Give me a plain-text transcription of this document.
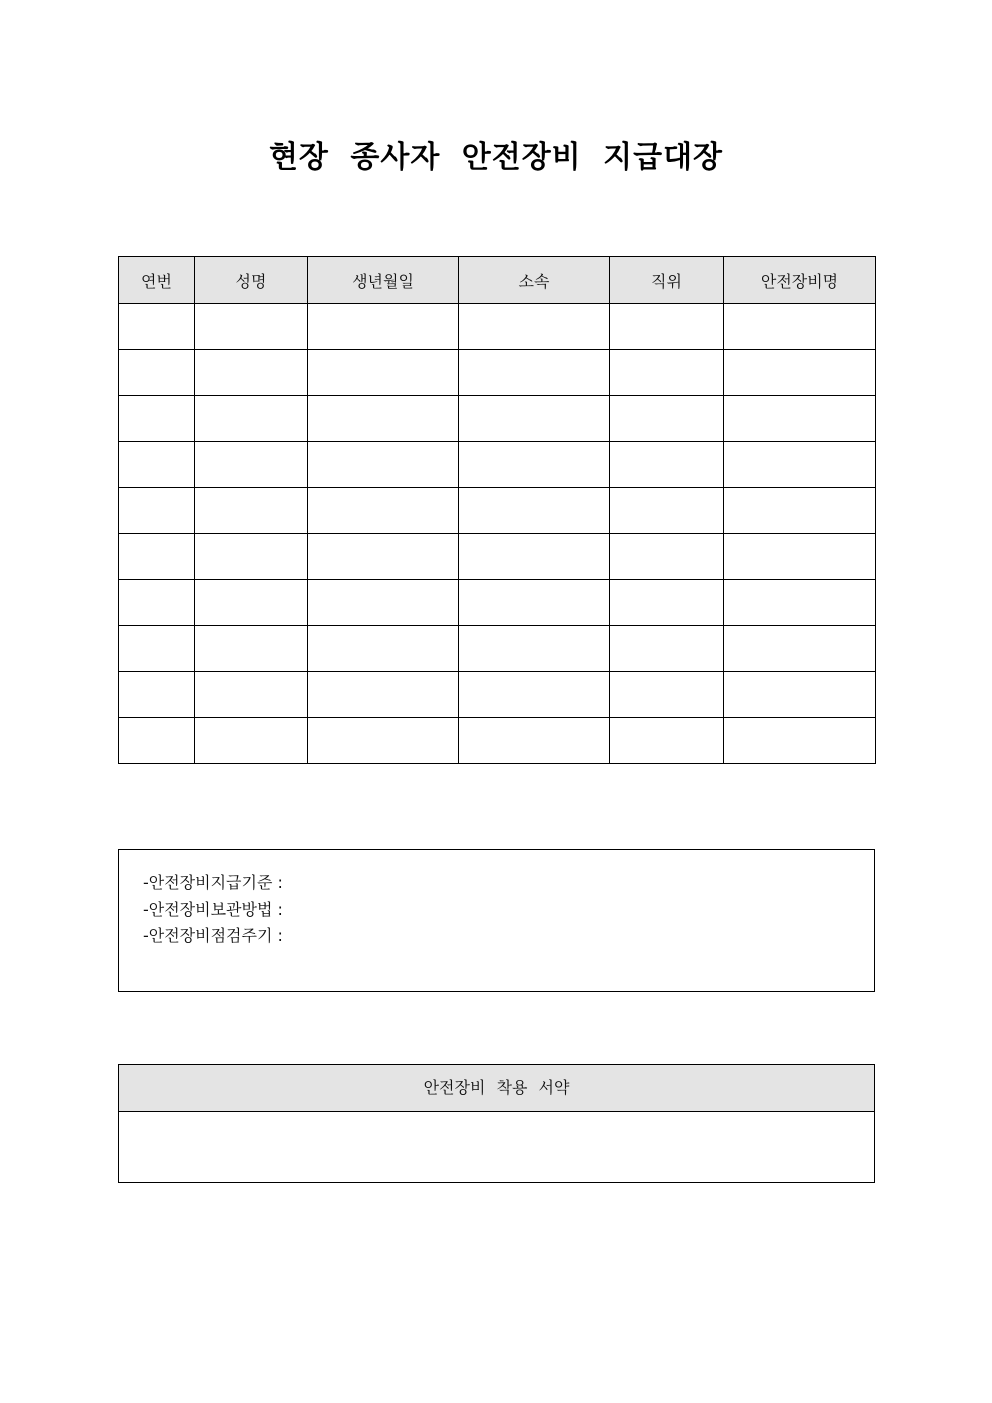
현장 종사자 안전장비 지급대장
연번	성명	생년월일	소속	직위	안전장비명

-안전장비지급기준 :
-안전장비보관방법 :
-안전장비점검주기 :
안전장비 착용 서약
